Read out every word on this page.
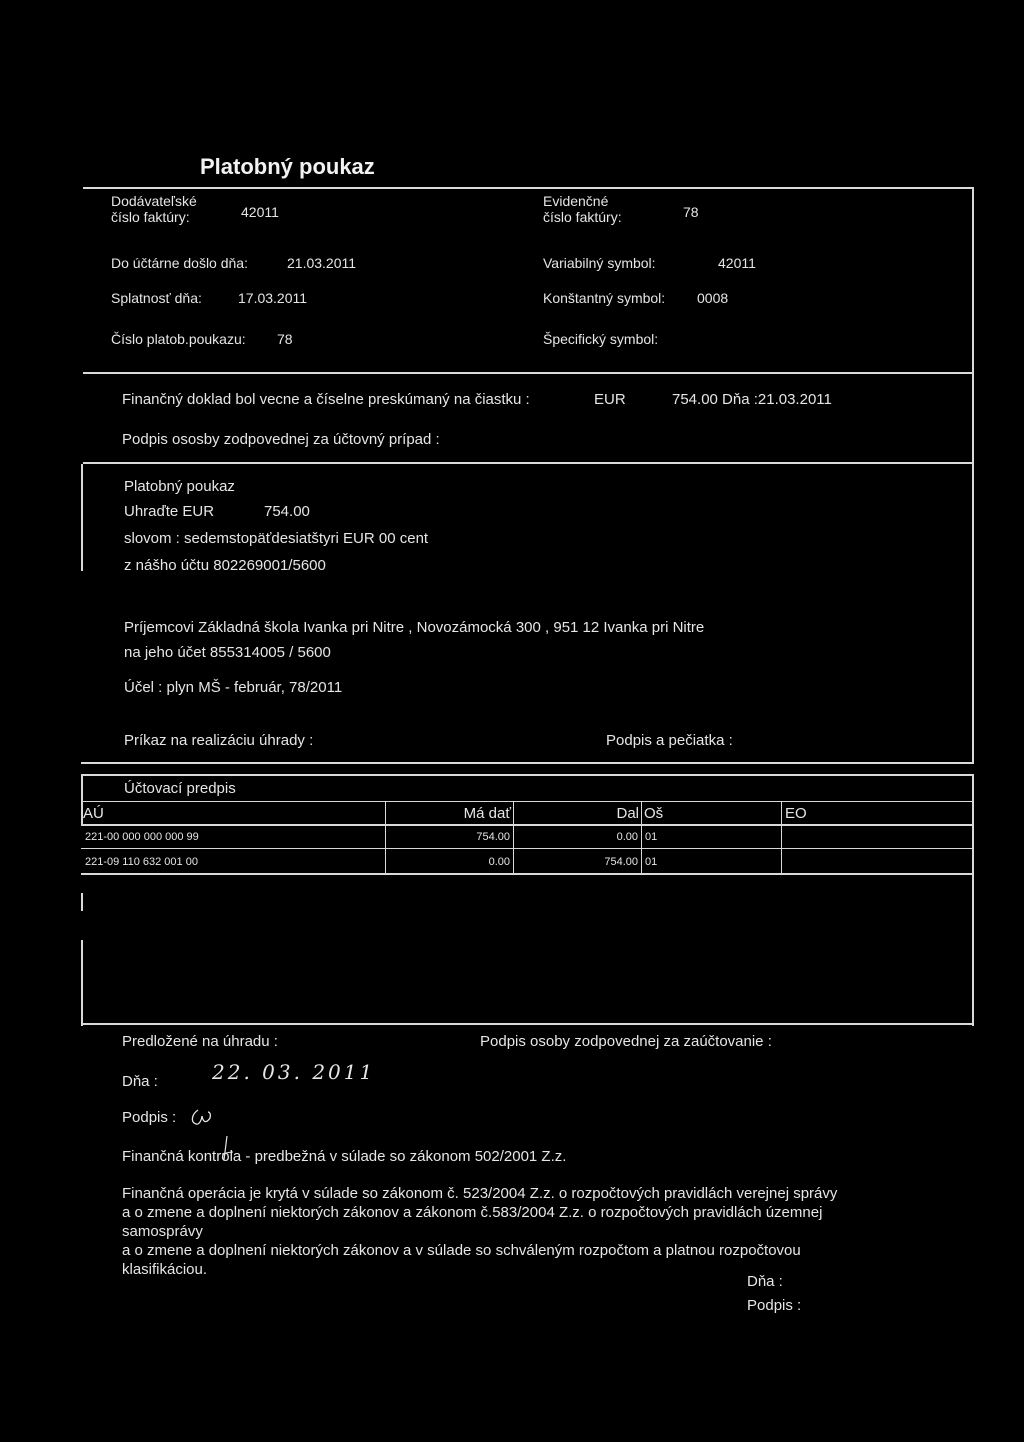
Platobný poukaz
Dodávateľské
číslo faktúry:	42011
Evidenčné
číslo faktúry:	78
Do účtárne došlo dňa:	21.03.2011	Variabilný symbol:	42011
Splatnosť dňa:	17.03.2011	Konštantný symbol: 0008
Číslo platob.poukazu: 78	Špecifický symbol:
Finančný doklad bol vecne a číselne preskúmaný na čiastku :	EUR	754.00 Dňa :21.03.2011
Podpis ososby zodpovednej za účtovný prípad :
Platobný poukaz
Uhraďte EUR	754.00
slovom : sedemstopäťdesiatštyri EUR 00 cent
z nášho účtu 802269001/5600
Príjemcovi Základná škola Ivanka pri Nitre , Novozámocká 300 , 951 12 Ivanka pri Nitre
na jeho účet 855314005 / 5600
Účel : plyn MŠ - február, 78/2011
Príkaz na realizáciu úhrady :	Podpis a pečiatka :
Účtovací predpis
AÚ	Má dať	Dal Oš	EO
221-00 000 000 000 99	754.00	0.00 01
221-09 110 632 001 00	0.00	754.00 01
Predložené na úhradu :	Podpis osoby zodpovednej za zaúčtovanie :
Dňa :	22. 03. 2011
Podpis :
Finančná kontrola - predbežná v súlade so zákonom 502/2001 Z.z.
Finančná operácia je krytá v súlade so zákonom č. 523/2004 Z.z. o rozpočtových pravidlách verejnej správy
a o zmene a doplnení niektorých zákonov a zákonom č.583/2004 Z.z. o rozpočtových pravidlách územnej
samosprávy
a o zmene a doplnení niektorých zákonov a v súlade so schváleným rozpočtom a platnou rozpočtovou
klasifikáciou.
Dňa :
Podpis :
